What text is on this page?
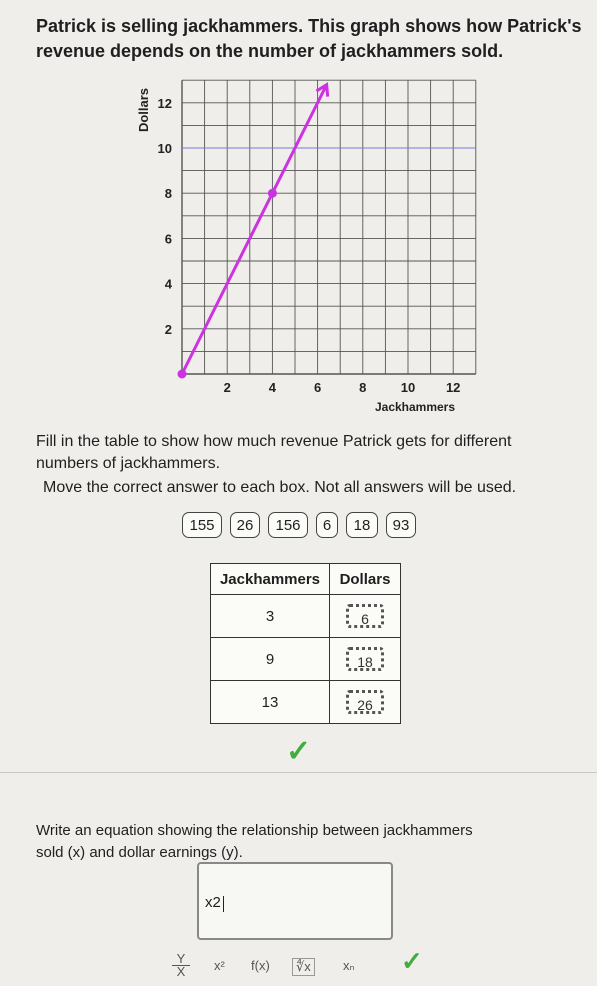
Patrick is selling jackhammers. This graph shows how Patrick's
revenue depends on the number of jackhammers sold.
2	4	6	8	10 12
2
4
6
8
10
12
Dollars
Jackhammers
Fill in the table to show how much revenue Patrick gets for different
numbers of jackhammers.
Move the correct answer to each box. Not all answers will be used.
155	26	156	6	18	93
Jackhammers	Dollars
3	6
9	18
13	26
✓
Write an equation showing the relationship between jackhammers
sold (x) and dollar earnings (y).
x2
Y
X	x² f(x)	∜x	xₙ ✓
